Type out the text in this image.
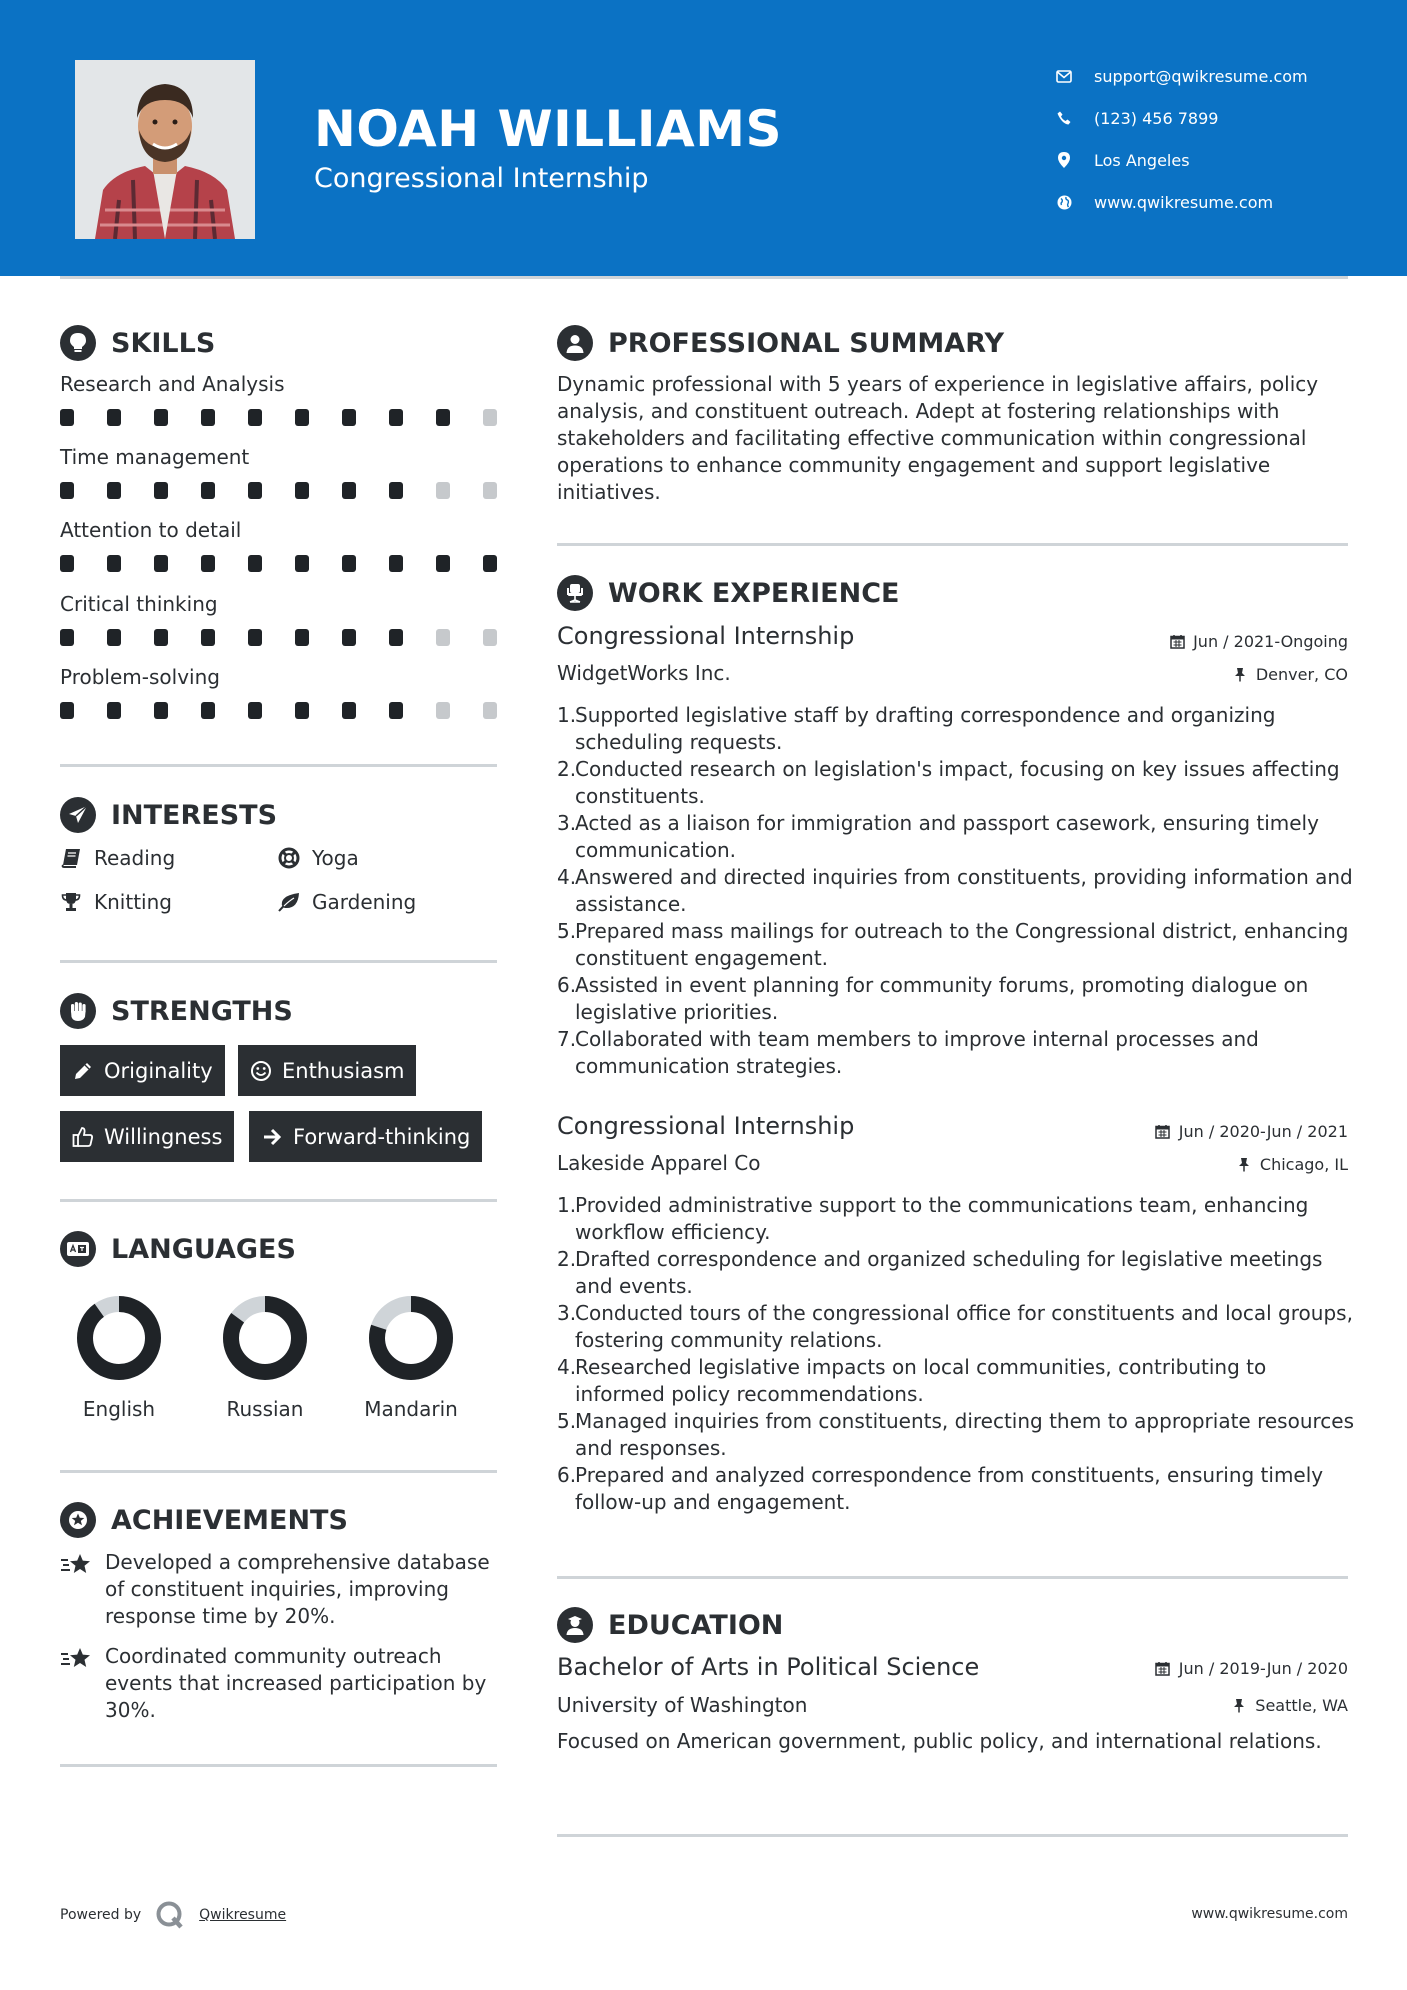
NOAH WILLIAMS
Congressional Internship
support@qwikresume.com
(123) 456 7899
Los Angeles
www.qwikresume.com
SKILLS
Research and Analysis
Time management
Attention to detail
Critical thinking
Problem-solving
INTERESTS
Reading	Yoga
Knitting	Gardening
STRENGTHS
Originality	Enthusiasm
Willingness	Forward-thinking
LANGUAGES
English	Russian	Mandarin
ACHIEVEMENTS
Developed a comprehensive database of constituent inquiries, improving response time by 20%.
Coordinated community outreach events that increased participation by 30%.
PROFESSIONAL SUMMARY
Dynamic professional with 5 years of experience in legislative affairs, policy analysis, and constituent outreach. Adept at fostering relationships with stakeholders and facilitating effective communication within congressional operations to enhance community engagement and support legislative initiatives.
WORK EXPERIENCE
Congressional Internship	Jun / 2021-Ongoing
WidgetWorks Inc.	Denver, CO
1.
Supported legislative staff by drafting correspondence and organizing scheduling requests.
2.
Conducted research on legislation's impact, focusing on key issues affecting constituents.
3.
Acted as a liaison for immigration and passport casework, ensuring timely communication.
4.
Answered and directed inquiries from constituents, providing information and assistance.
5.
Prepared mass mailings for outreach to the Congressional district, enhancing constituent engagement.
6.
Assisted in event planning for community forums, promoting dialogue on legislative priorities.
7.
Collaborated with team members to improve internal processes and communication strategies.
Congressional Internship	Jun / 2020-Jun / 2021
Lakeside Apparel Co	Chicago, IL
1.
Provided administrative support to the communications team, enhancing workflow efficiency.
2.
Drafted correspondence and organized scheduling for legislative meetings and events.
3.
Conducted tours of the congressional office for constituents and local groups, fostering community relations.
4.
Researched legislative impacts on local communities, contributing to informed policy recommendations.
5.
Managed inquiries from constituents, directing them to appropriate resources and responses.
6.
Prepared and analyzed correspondence from constituents, ensuring timely follow-up and engagement.
EDUCATION
Bachelor of Arts in Political Science	Jun / 2019-Jun / 2020
University of Washington	Seattle, WA
Focused on American government, public policy, and international relations.
Powered by	Qwikresume	www.qwikresume.com
